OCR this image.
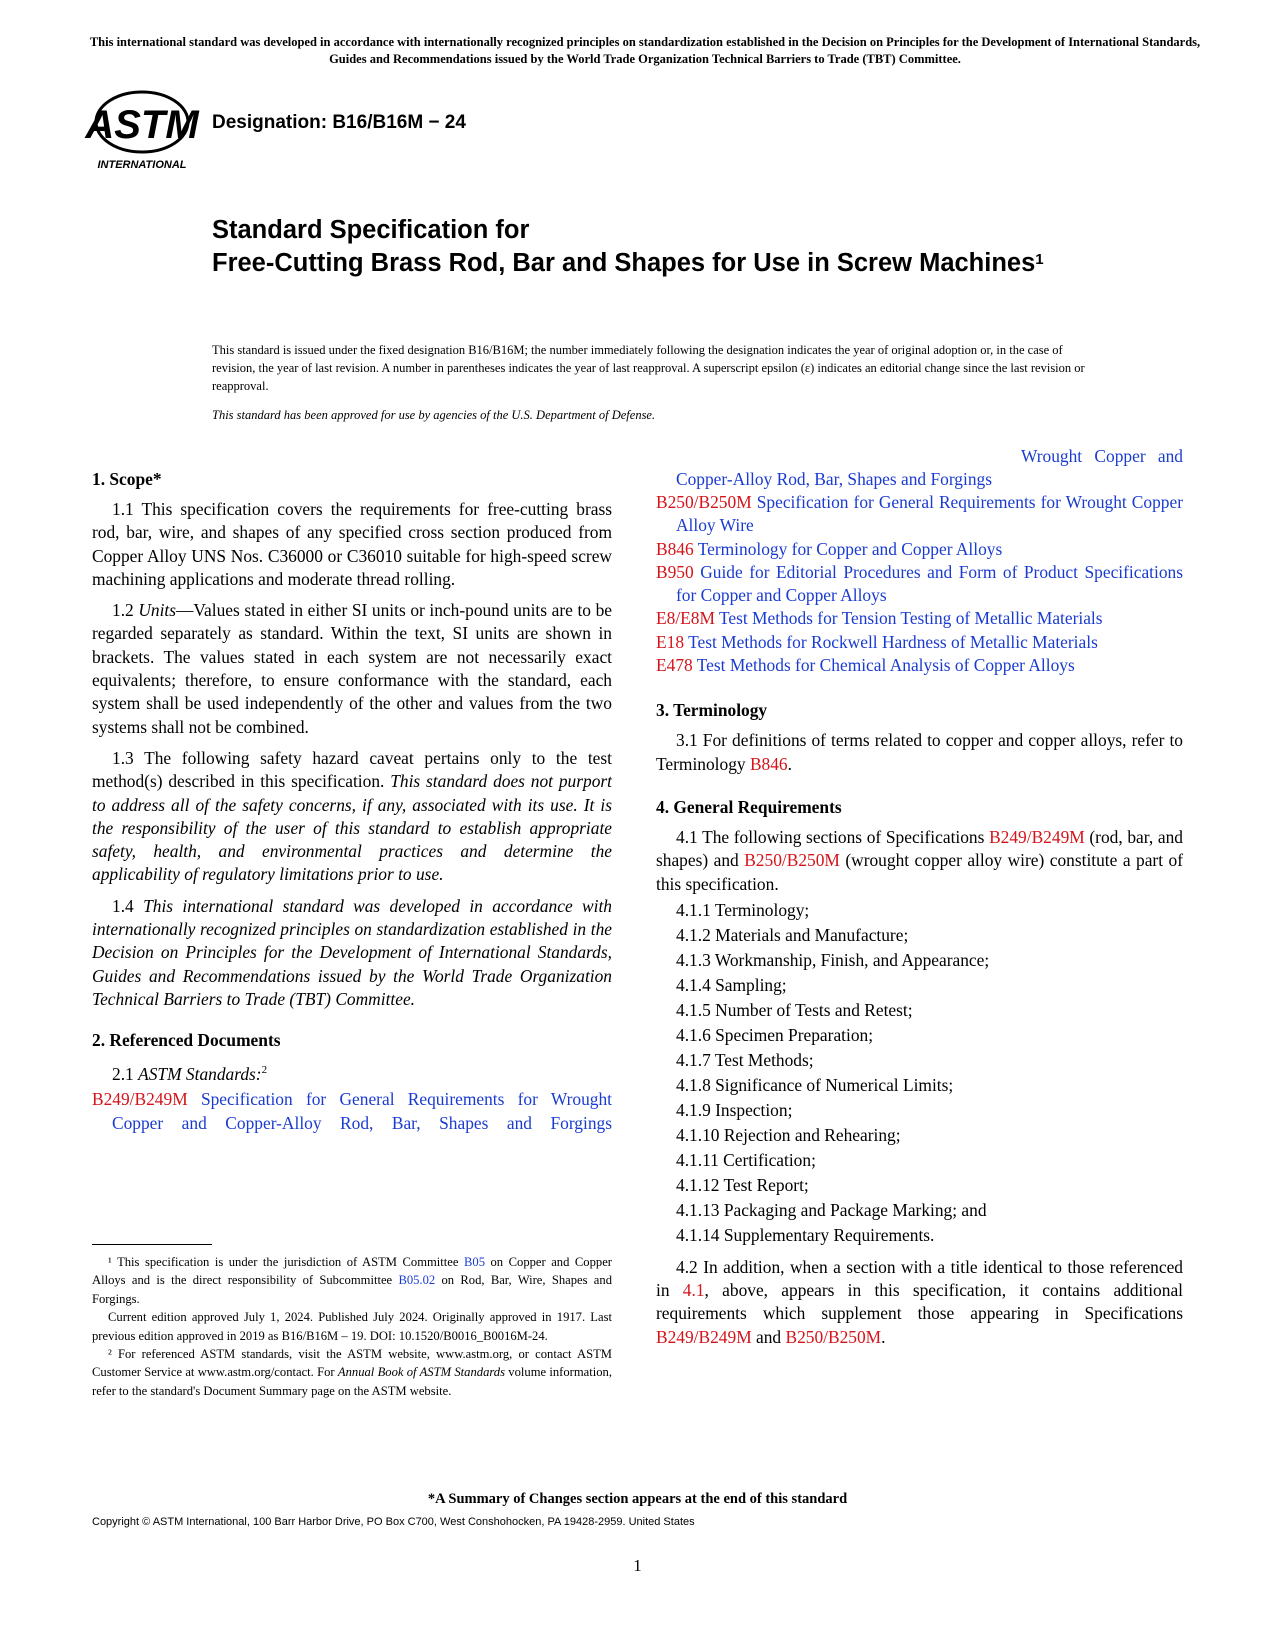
This international standard was developed in accordance with internationally recognized principles on standardization established in the Decision on Principles for the Development of International Standards, Guides and Recommendations issued by the World Trade Organization Technical Barriers to Trade (TBT) Committee.
ASTM
INTERNATIONAL
Designation: B16/B16M − 24
Standard Specification for
Free-Cutting Brass Rod, Bar and Shapes for Use in Screw Machines$^1$
This standard is issued under the fixed designation B16/B16M; the number immediately following the designation indicates the year of original adoption or, in the case of revision, the year of last revision. A number in parentheses indicates the year of last reapproval. A superscript epsilon (ε) indicates an editorial change since the last revision or reapproval.
This standard has been approved for use by agencies of the U.S. Department of Defense.
1. Scope*

1.1 This specification covers the requirements for free-cutting brass rod, bar, wire, and shapes of any specified cross section produced from Copper Alloy UNS Nos. C36000 or C36010 suitable for high-speed screw machining applications and moderate thread rolling.

1.2 Units—Values stated in either SI units or inch-pound units are to be regarded separately as standard. Within the text, SI units are shown in brackets. The values stated in each system are not necessarily exact equivalents; therefore, to ensure conformance with the standard, each system shall be used independently of the other and values from the two systems shall not be combined.

1.3 The following safety hazard caveat pertains only to the test method(s) described in this specification. This standard does not purport to address all of the safety concerns, if any, associated with its use. It is the responsibility of the user of this standard to establish appropriate safety, health, and environmental practices and determine the applicability of regulatory limitations prior to use.

1.4 This international standard was developed in accordance with internationally recognized principles on standardization established in the Decision on Principles for the Development of International Standards, Guides and Recommendations issued by the World Trade Organization Technical Barriers to Trade (TBT) Committee.

2. Referenced Documents

2.1 ASTM Standards:$^2$

B249/B249M Specification for General Requirements for Wrought Copper and Copper-Alloy Rod, Bar, Shapes and Forgings

¹ This specification is under the jurisdiction of ASTM Committee B05 on Copper and Copper Alloys and is the direct responsibility of Subcommittee B05.02 on Rod, Bar, Wire, Shapes and Forgings.

Current edition approved July 1, 2024. Published July 2024. Originally approved in 1917. Last previous edition approved in 2019 as B16/B16M – 19. DOI: 10.1520/B0016_B0016M-24.

² For referenced ASTM standards, visit the ASTM website, www.astm.org, or contact ASTM Customer Service at www.astm.org/contact. For Annual Book of ASTM Standards volume information, refer to the standard's Document Summary page on the ASTM website.

Wrought Copper and Copper-Alloy Rod, Bar, Shapes and Forgings
B250/B250M Specification for General Requirements for Wrought Copper Alloy Wire
B846 Terminology for Copper and Copper Alloys
B950 Guide for Editorial Procedures and Form of Product Specifications for Copper and Copper Alloys
E8/E8M Test Methods for Tension Testing of Metallic Materials
E18 Test Methods for Rockwell Hardness of Metallic Materials
E478 Test Methods for Chemical Analysis of Copper Alloys
3. Terminology

3.1 For definitions of terms related to copper and copper alloys, refer to Terminology B846.

4. General Requirements

4.1 The following sections of Specifications B249/B249M (rod, bar, and shapes) and B250/B250M (wrought copper alloy wire) constitute a part of this specification.

4.1.1 Terminology;
4.1.2 Materials and Manufacture;
4.1.3 Workmanship, Finish, and Appearance;
4.1.4 Sampling;
4.1.5 Number of Tests and Retest;
4.1.6 Specimen Preparation;
4.1.7 Test Methods;
4.1.8 Significance of Numerical Limits;
4.1.9 Inspection;
4.1.10 Rejection and Rehearing;
4.1.11 Certification;
4.1.12 Test Report;
4.1.13 Packaging and Package Marking; and
4.1.14 Supplementary Requirements.

4.2 In addition, when a section with a title identical to those referenced in 4.1, above, appears in this specification, it contains additional requirements which supplement those appearing in Specifications B249/B249M and B250/B250M.

*A Summary of Changes section appears at the end of this standard
Copyright © ASTM International, 100 Barr Harbor Drive, PO Box C700, West Conshohocken, PA 19428-2959. United States
1
